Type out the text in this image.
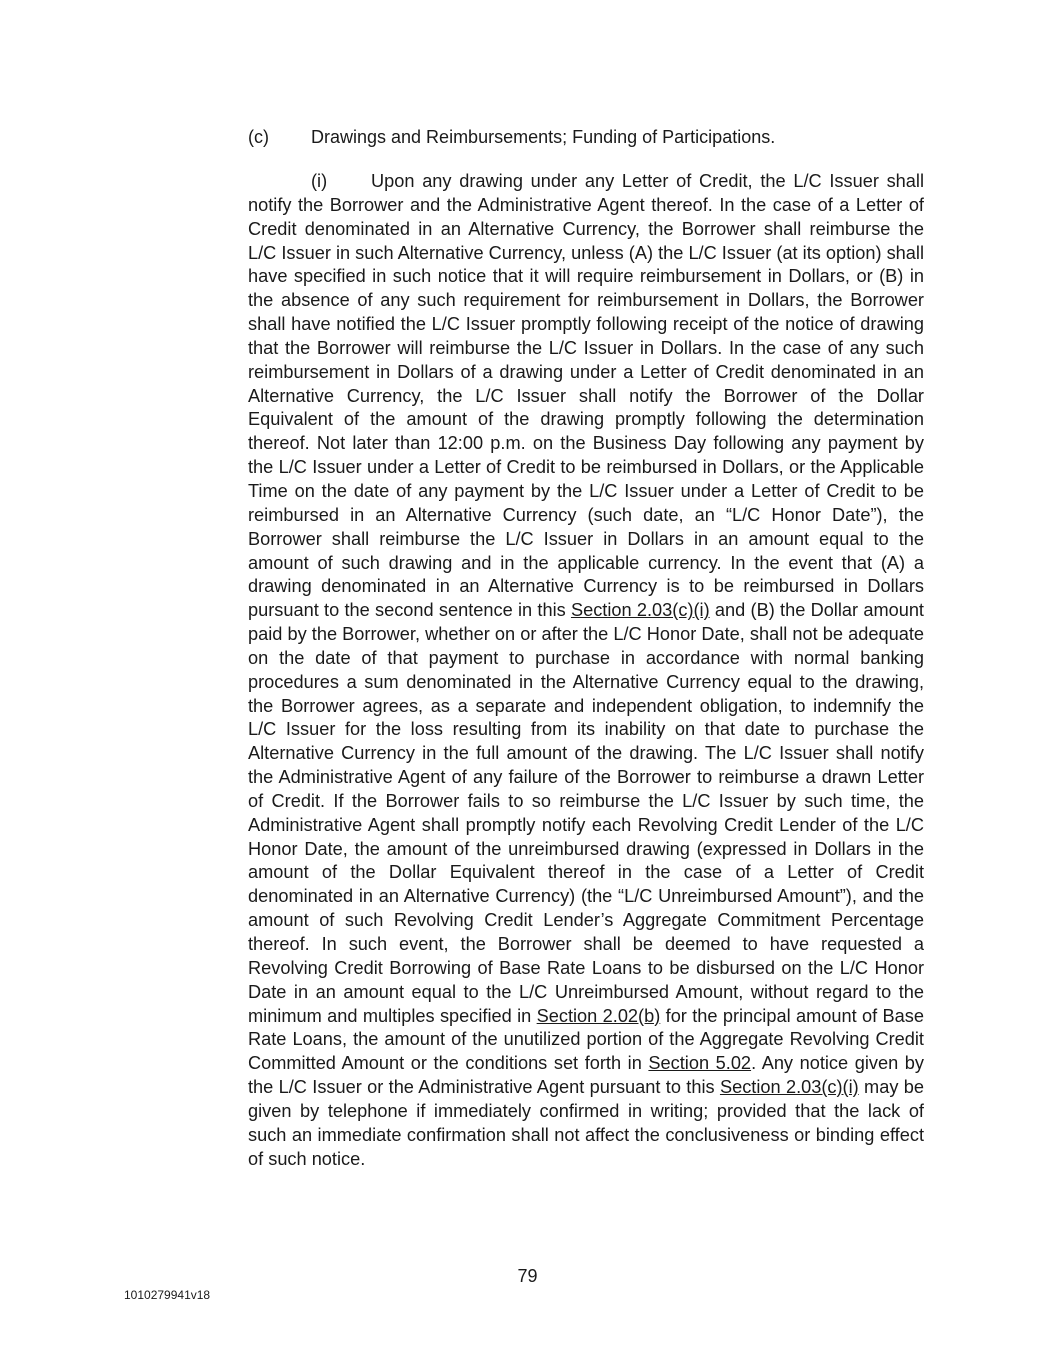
(c) Drawings and Reimbursements; Funding of Participations.

(i) Upon any drawing under any Letter of Credit, the L/C Issuer shall notify the Borrower and the Administrative Agent thereof. In the case of a Letter of Credit denominated in an Alternative Currency, the Borrower shall reimburse the L/C Issuer in such Alternative Currency, unless (A) the L/C Issuer (at its option) shall have specified in such notice that it will require reimbursement in Dollars, or (B) in the absence of any such requirement for reimbursement in Dollars, the Borrower shall have notified the L/C Issuer promptly following receipt of the notice of drawing that the Borrower will reimburse the L/C Issuer in Dollars. In the case of any such reimbursement in Dollars of a drawing under a Letter of Credit denominated in an Alternative Currency, the L/C Issuer shall notify the Borrower of the Dollar Equivalent of the amount of the drawing promptly following the determination thereof. Not later than 12:00 p.m. on the Business Day following any payment by the L/C Issuer under a Letter of Credit to be reimbursed in Dollars, or the Applicable Time on the date of any payment by the L/C Issuer under a Letter of Credit to be reimbursed in an Alternative Currency (such date, an “L/C Honor Date”), the Borrower shall reimburse the L/C Issuer in Dollars in an amount equal to the amount of such drawing and in the applicable currency. In the event that (A) a drawing denominated in an Alternative Currency is to be reimbursed in Dollars pursuant to the second sentence in this Section 2.03(c)(i) and (B) the Dollar amount paid by the Borrower, whether on or after the L/C Honor Date, shall not be adequate on the date of that payment to purchase in accordance with normal banking procedures a sum denominated in the Alternative Currency equal to the drawing, the Borrower agrees, as a separate and independent obligation, to indemnify the L/C Issuer for the loss resulting from its inability on that date to purchase the Alternative Currency in the full amount of the drawing. The L/C Issuer shall notify the Administrative Agent of any failure of the Borrower to reimburse a drawn Letter of Credit. If the Borrower fails to so reimburse the L/C Issuer by such time, the Administrative Agent shall promptly notify each Revolving Credit Lender of the L/C Honor Date, the amount of the unreimbursed drawing (expressed in Dollars in the amount of the Dollar Equivalent thereof in the case of a Letter of Credit denominated in an Alternative Currency) (the “L/C Unreimbursed Amount”), and the amount of such Revolving Credit Lender’s Aggregate Commitment Percentage thereof. In such event, the Borrower shall be deemed to have requested a Revolving Credit Borrowing of Base Rate Loans to be disbursed on the L/C Honor Date in an amount equal to the L/C Unreimbursed Amount, without regard to the minimum and multiples specified in Section 2.02(b) for the principal amount of Base Rate Loans, the amount of the unutilized portion of the Aggregate Revolving Credit Committed Amount or the conditions set forth in Section 5.02. Any notice given by the L/C Issuer or the Administrative Agent pursuant to this Section 2.03(c)(i) may be given by telephone if immediately confirmed in writing; provided that the lack of such an immediate confirmation shall not affect the conclusiveness or binding effect of such notice.

79
1010279941v18
